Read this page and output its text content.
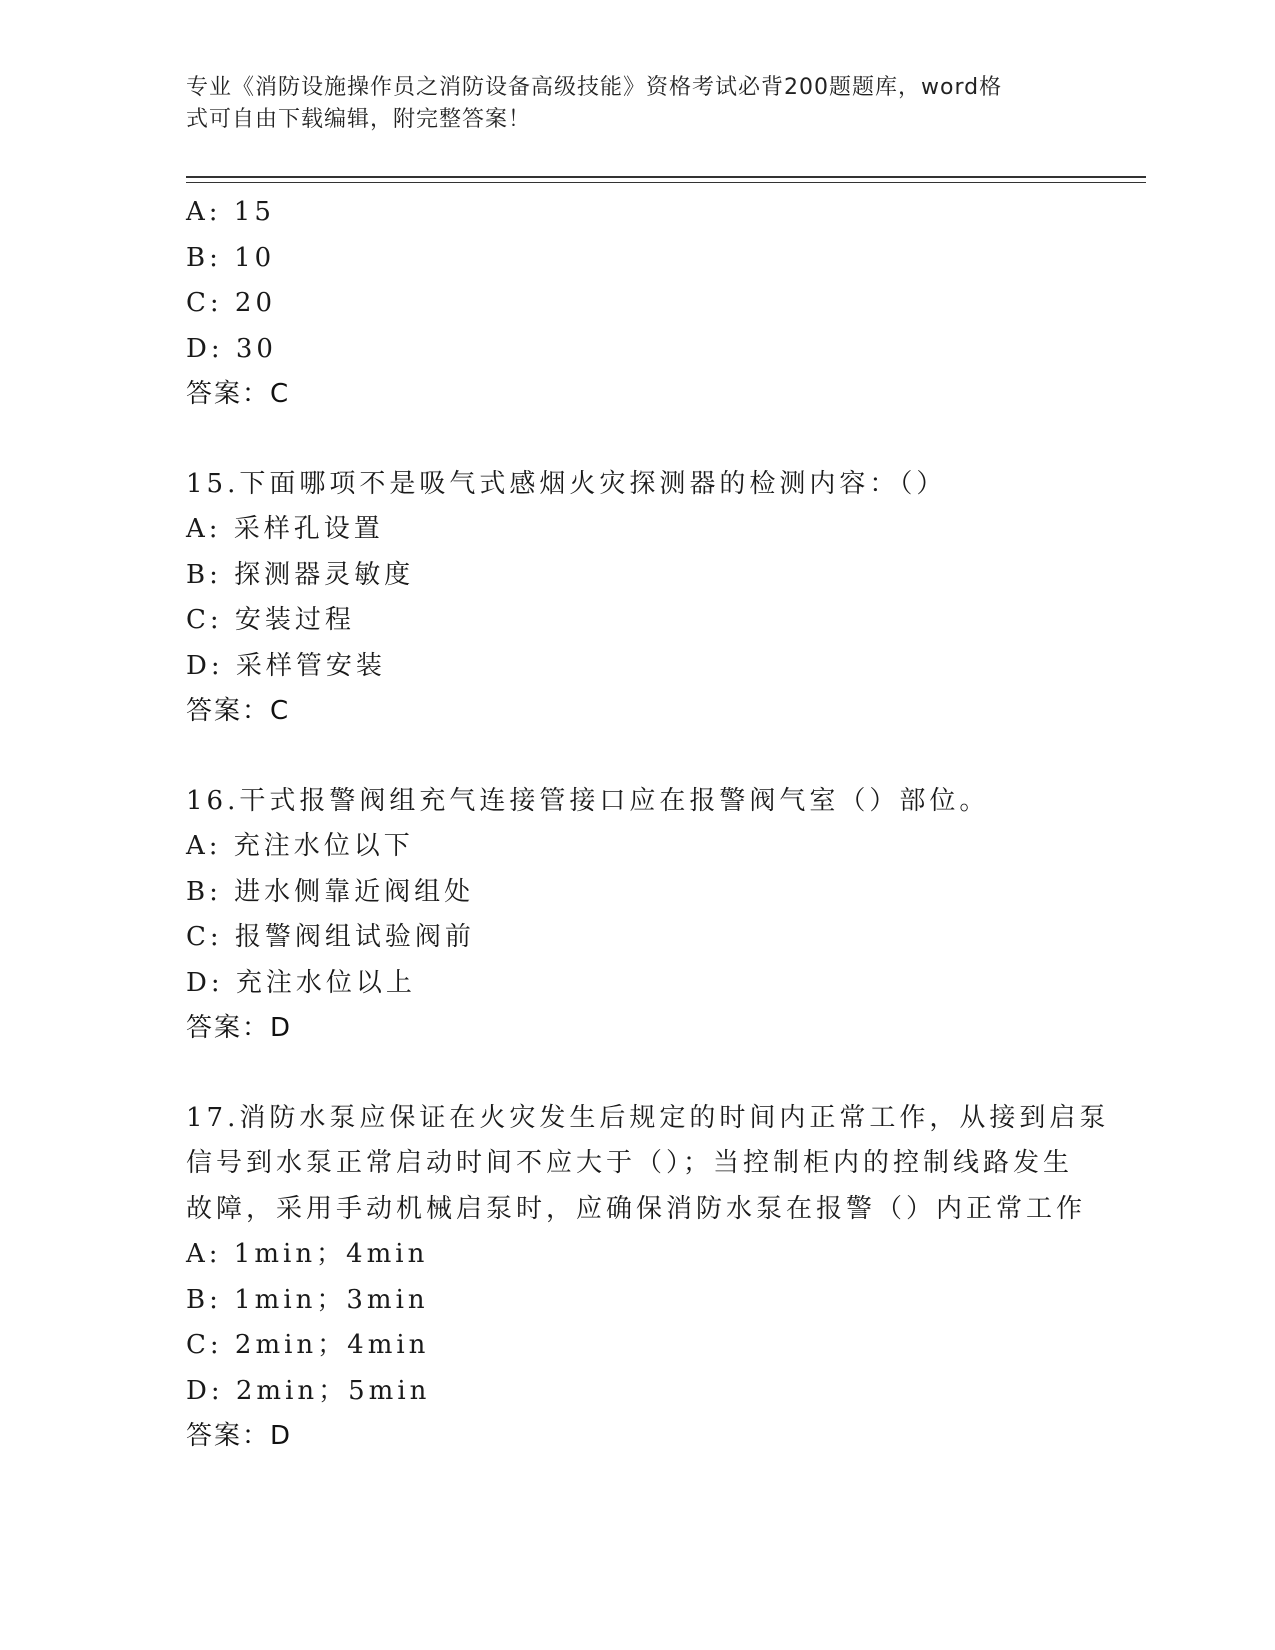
专业《消防设施操作员之消防设备高级技能》资格考试必背200题题库，word格
式可自由下载编辑，附完整答案！
A: 15
B: 10
C: 20
D: 30
答案：C
15.下面哪项不是吸气式感烟火灾探测器的检测内容：（）
A: 采样孔设置
B: 探测器灵敏度
C: 安装过程
D: 采样管安装
答案：C
16.干式报警阀组充气连接管接口应在报警阀气室（）部位。
A: 充注水位以下
B: 进水侧靠近阀组处
C: 报警阀组试验阀前
D: 充注水位以上
答案：D
17.消防水泵应保证在火灾发生后规定的时间内正常工作，从接到启泵
信号到水泵正常启动时间不应大于（）；当控制柜内的控制线路发生
故障，采用手动机械启泵时，应确保消防水泵在报警（）内正常工作
A: 1min；4min
B: 1min；3min
C: 2min；4min
D: 2min；5min
答案：D
